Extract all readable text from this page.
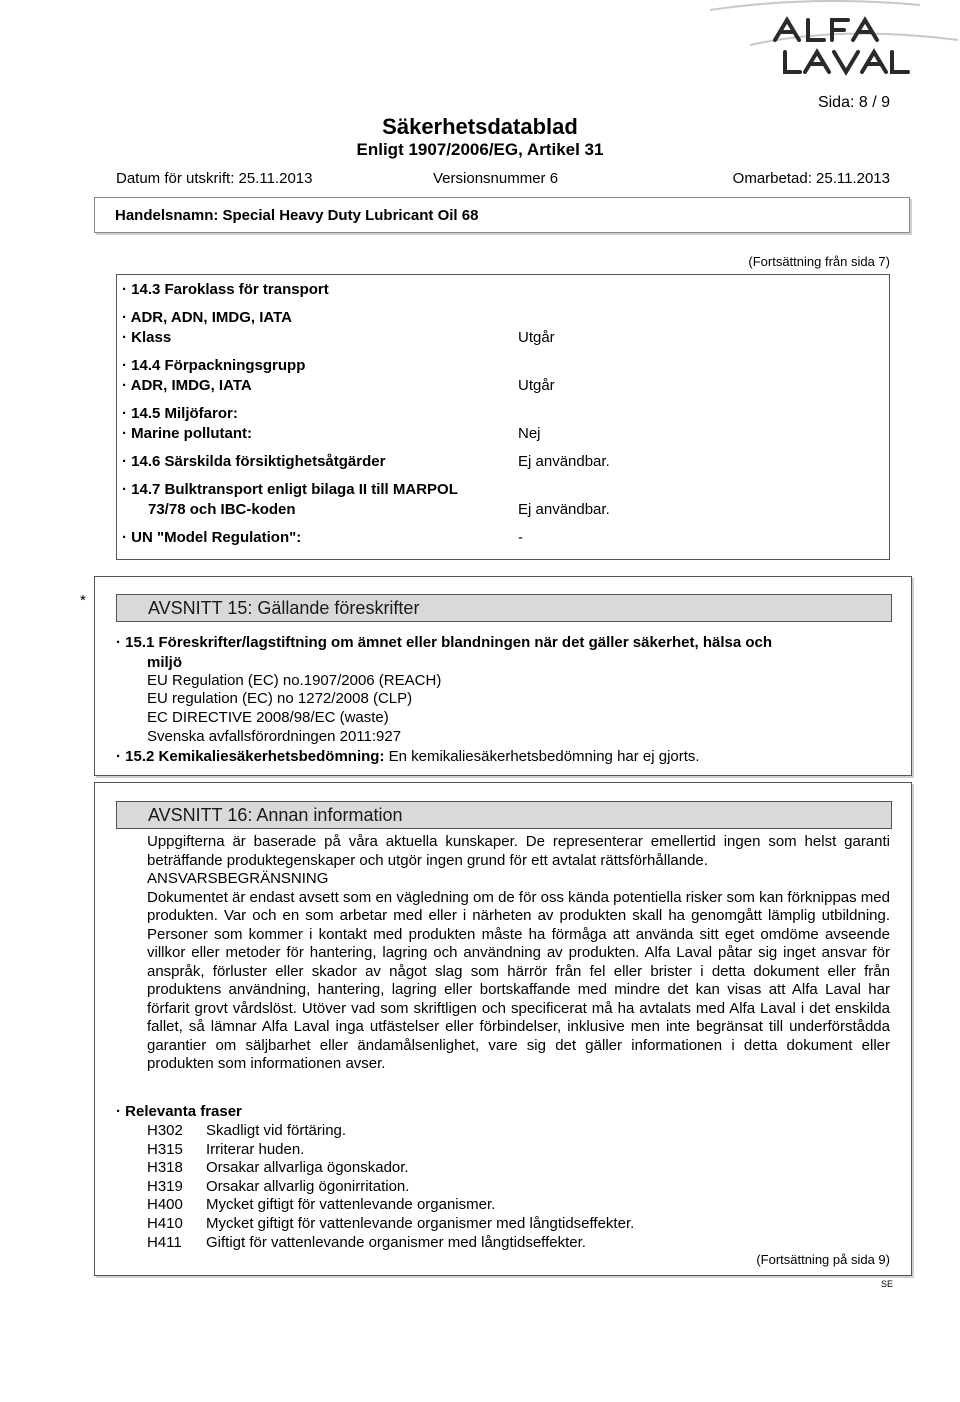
ALFA LAVAL
Sida: 8 / 9
Säkerhetsdatablad
Enligt 1907/2006/EG, Artikel 31
Datum för utskrift: 25.11.2013	Versionsnummer 6	Omarbetad: 25.11.2013
Handelsnamn: Special Heavy Duty Lubricant Oil 68
(Fortsättning från sida 7)
· 14.3 Faroklass för transport
· ADR, ADN, IMDG, IATA
· Klass	Utgår
· 14.4 Förpackningsgrupp
· ADR, IMDG, IATA	Utgår
· 14.5 Miljöfaror:
· Marine pollutant:	Nej
· 14.6 Särskilda försiktighetsåtgärder	Ej användbar.
· 14.7 Bulktransport enligt bilaga II till MARPOL
73/78 och IBC-koden	Ej användbar.
· UN "Model Regulation":	-
*	AVSNITT 15: Gällande föreskrifter
· 15.1 Föreskrifter/lagstiftning om ämnet eller blandningen när det gäller säkerhet, hälsa och
miljö
EU Regulation (EC) no.1907/2006 (REACH)
EU regulation (EC) no 1272/2008 (CLP)
EC DIRECTIVE 2008/98/EC (waste)
Svenska avfallsförordningen 2011:927
· 15.2 Kemikaliesäkerhetsbedömning: En kemikaliesäkerhetsbedömning har ej gjorts.
AVSNITT 16: Annan information

Uppgifterna är baserade på våra aktuella kunskaper. De representerar emellertid ingen som helst garanti beträffande produktegenskaper och utgör ingen grund för ett avtalat rättsförhållande.

ANSVARSBEGRÄNSNING

Dokumentet är endast avsett som en vägledning om de för oss kända potentiella risker som kan förknippas med produkten. Var och en som arbetar med eller i närheten av produkten skall ha genomgått lämplig utbildning. Personer som kommer i kontakt med produkten måste ha förmåga att använda sitt eget omdöme avseende villkor eller metoder för hantering, lagring och användning av produkten. Alfa Laval påtar sig inget ansvar för anspråk, förluster eller skador av något slag som härrör från fel eller brister i detta dokument eller från produktens användning, hantering, lagring eller bortskaffande med mindre det kan visas att Alfa Laval har förfarit grovt vårdslöst. Utöver vad som skriftligen och specificerat må ha avtalats med Alfa Laval i det enskilda fallet, så lämnar Alfa Laval inga utfästelser eller förbindelser, inklusive men inte begränsat till underförstådda garantier om säljbarhet eller ändamålsenlighet, vare sig det gäller informationen i detta dokument eller produkten som informationen avser.

· Relevanta fraser
H302 Skadligt vid förtäring.
H315 Irriterar huden.
H318 Orsakar allvarliga ögonskador.
H319 Orsakar allvarlig ögonirritation.
H400 Mycket giftigt för vattenlevande organismer.
H410 Mycket giftigt för vattenlevande organismer med långtidseffekter.
H411 Giftigt för vattenlevande organismer med långtidseffekter.
(Fortsättning på sida 9)
SE
